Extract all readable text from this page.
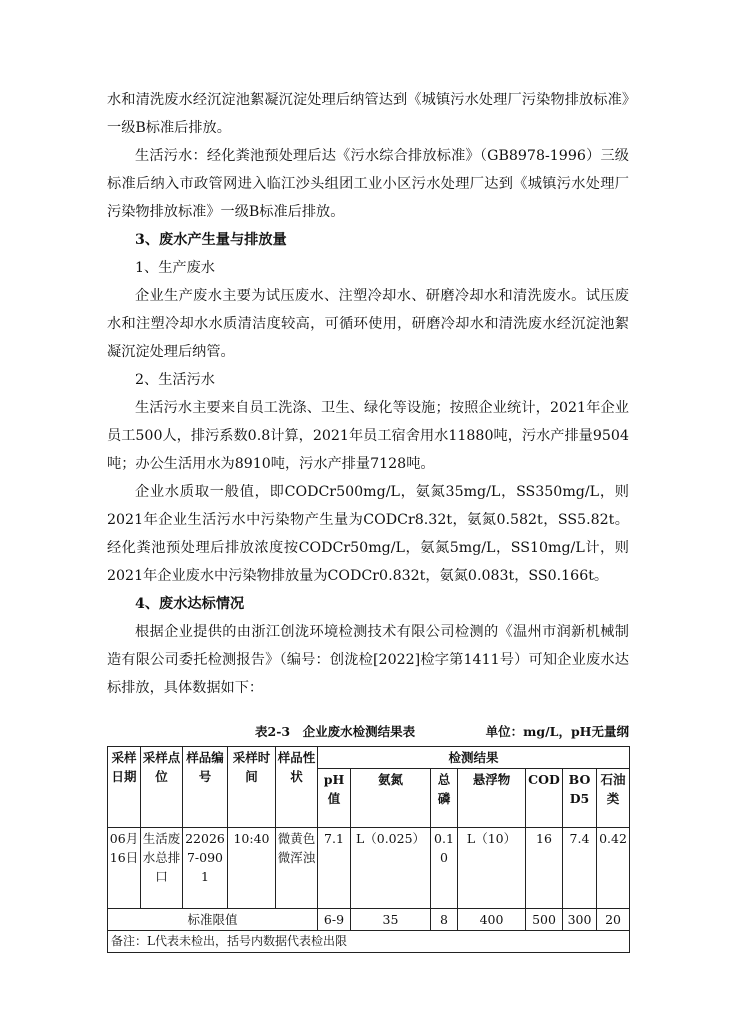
水和清洗废水经沉淀池絮凝沉淀处理后纳管达到《城镇污水处理厂污染物排放标准》一级B标准后排放。

生活污水：经化粪池预处理后达《污水综合排放标准》（GB8978-1996）三级标准后纳入市政管网进入临江沙头组团工业小区污水处理厂达到《城镇污水处理厂污染物排放标准》一级B标准后排放。

3、废水产生量与排放量

1、生产废水

企业生产废水主要为试压废水、注塑冷却水、研磨冷却水和清洗废水。试压废水和注塑冷却水水质清洁度较高，可循环使用，研磨冷却水和清洗废水经沉淀池絮凝沉淀处理后纳管。

2、生活污水

生活污水主要来自员工洗涤、卫生、绿化等设施；按照企业统计，2021年企业员工500人，排污系数0.8计算，2021年员工宿舍用水11880吨，污水产排量9504吨；办公生活用水为8910吨，污水产排量7128吨。

企业水质取一般值，即CODCr500mg/L，氨氮35mg/L，SS350mg/L，则2021年企业生活污水中污染物产生量为CODCr8.32t，氨氮0.582t，SS5.82t。经化粪池预处理后排放浓度按CODCr50mg/L，氨氮5mg/L，SS10mg/L计，则2021年企业废水中污染物排放量为CODCr0.832t，氨氮0.083t，SS0.166t。

4、废水达标情况

根据企业提供的由浙江创泷环境检测技术有限公司检测的《温州市润新机械制造有限公司委托检测报告》（编号：创泷检[2022]检字第1411号）可知企业废水达标排放，具体数据如下：

表2-3　企业废水检测结果表	单位：mg/L，pH无量纲
采样日期	采样点位	样品编号	采样时间	样品性状	检测结果						
					pH值	氨氮	总磷	悬浮物	COD	BOD5	石油类
06月16日	生活废水总排口	220267-0901	10:40	微黄色微浑浊	7.1	L（0.025）	0.10	L（10）	16	7.4	0.42
标准限值					6-9	35	8	400	500	300	20
备注：L代表未检出，括号内数据代表检出限											
